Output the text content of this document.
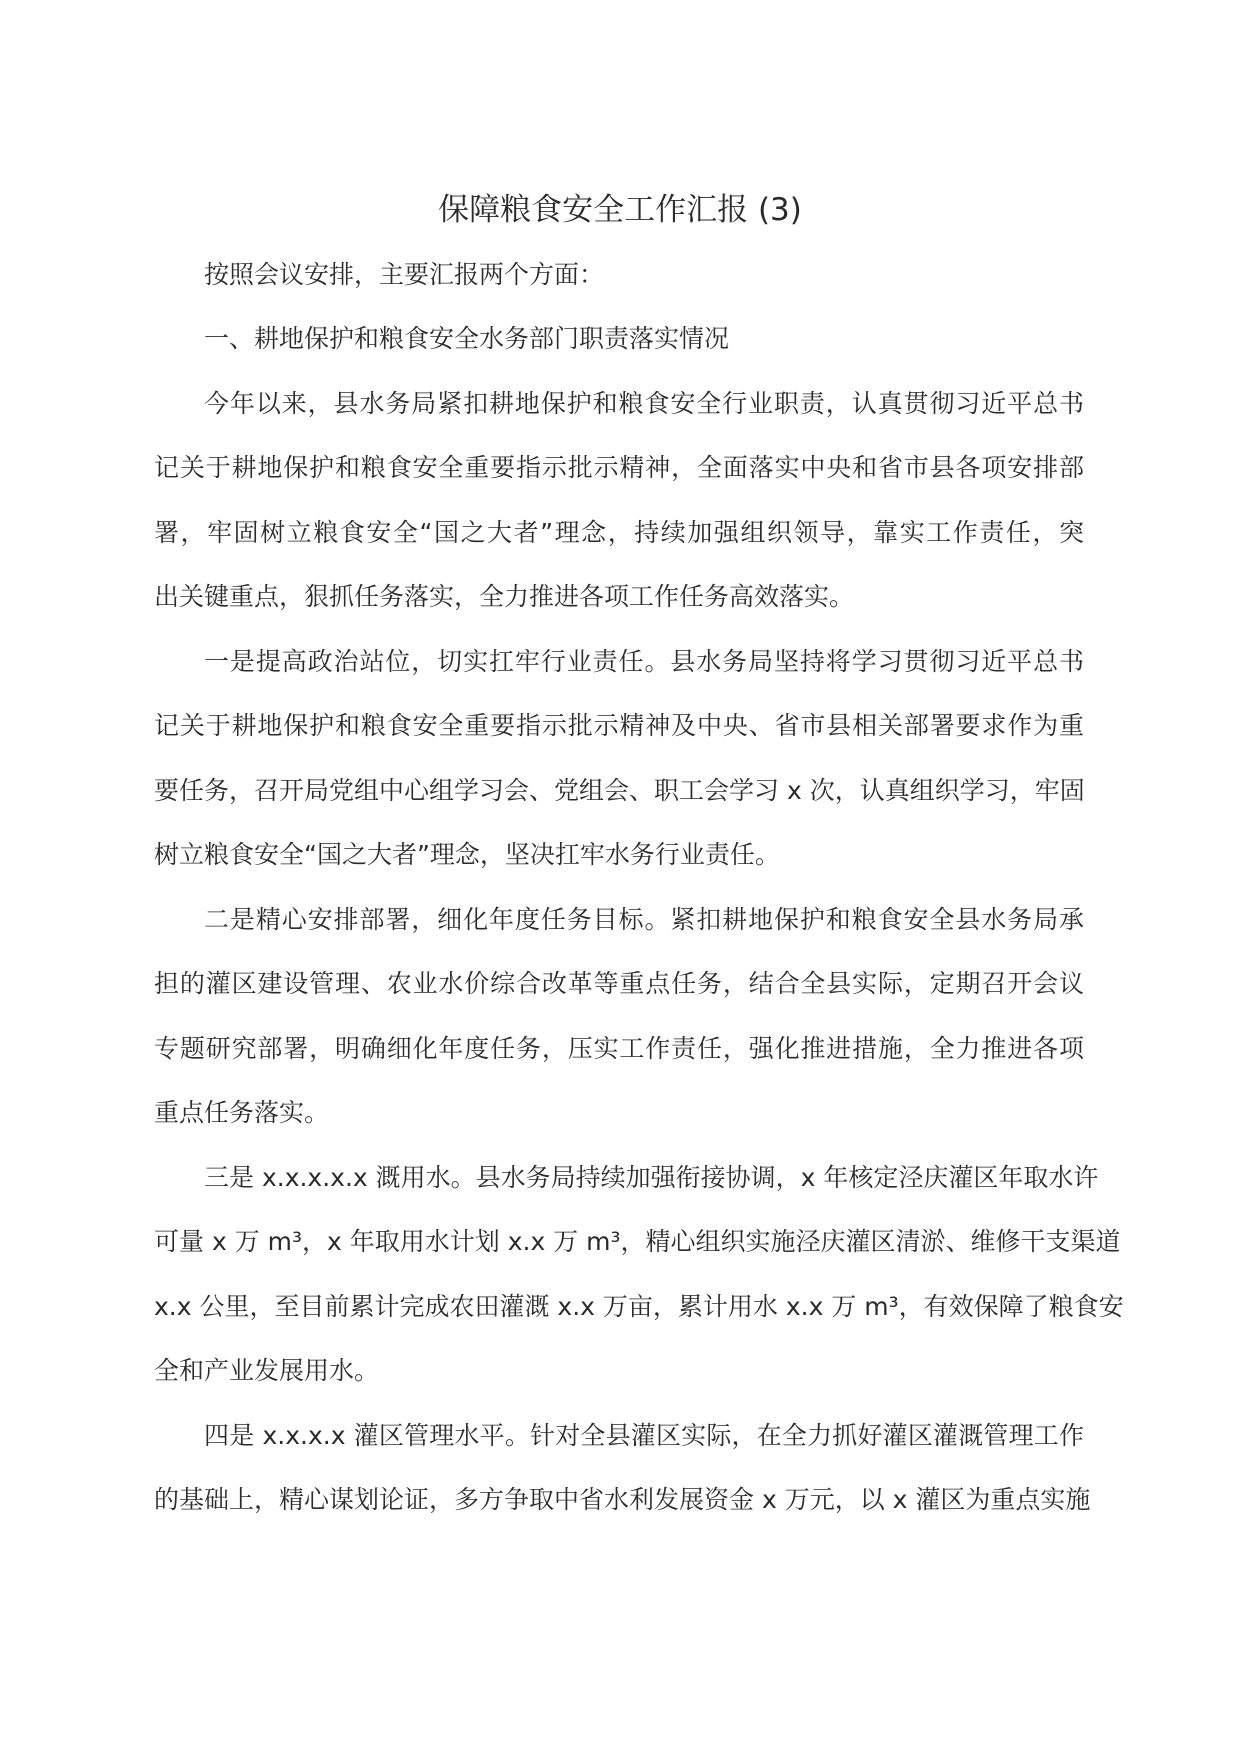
保障粮食安全工作汇报 (3)
按照会议安排，主要汇报两个方面：
一、耕地保护和粮食安全水务部门职责落实情况
今年以来，县水务局紧扣耕地保护和粮食安全行业职责，认真贯彻习近平总书
记关于耕地保护和粮食安全重要指示批示精神，全面落实中央和省市县各项安排部
署，牢固树立粮食安全“国之大者”理念，持续加强组织领导，靠实工作责任，突
出关键重点，狠抓任务落实，全力推进各项工作任务高效落实。
一是提高政治站位，切实扛牢行业责任。县水务局坚持将学习贯彻习近平总书
记关于耕地保护和粮食安全重要指示批示精神及中央、省市县相关部署要求作为重
要任务，召开局党组中心组学习会、党组会、职工会学习 x 次，认真组织学习，牢固
树立粮食安全“国之大者”理念，坚决扛牢水务行业责任。
二是精心安排部署，细化年度任务目标。紧扣耕地保护和粮食安全县水务局承
担的灌区建设管理、农业水价综合改革等重点任务，结合全县实际，定期召开会议
专题研究部署，明确细化年度任务，压实工作责任，强化推进措施，全力推进各项
重点任务落实。
三是 x.x.x.x.x 溉用水。县水务局持续加强衔接协调，x 年核定泾庆灌区年取水许
可量 x 万 m³，x 年取用水计划 x.x 万 m³，精心组织实施泾庆灌区清淤、维修干支渠道
x.x 公里，至目前累计完成农田灌溉 x.x 万亩，累计用水 x.x 万 m³，有效保障了粮食安
全和产业发展用水。
四是 x.x.x.x 灌区管理水平。针对全县灌区实际，在全力抓好灌区灌溉管理工作
的基础上，精心谋划论证，多方争取中省水利发展资金 x 万元，以 x 灌区为重点实施
